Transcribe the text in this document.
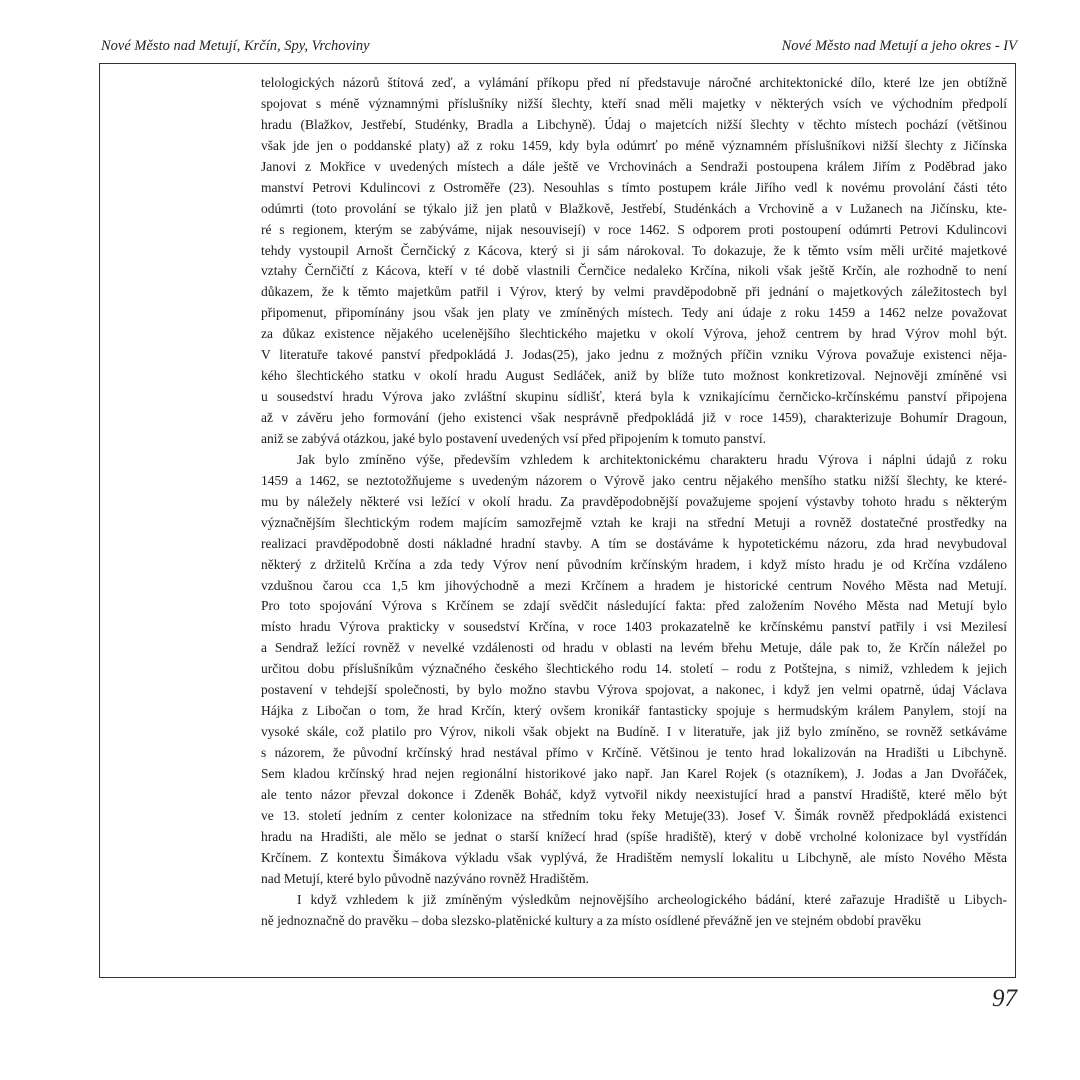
Nové Město nad Metují, Krčín, Spy, Vrchoviny	Nové Město nad Metují a jeho okres - IV
telologických názorů štítová zeď, a vylámání příkopu před ní představuje náročné architektonické dílo, které lze jen obtížně
spojovat s méně významnými příslušníky nižší šlechty, kteří snad měli majetky v některých vsích ve východním předpolí
hradu (Blažkov, Jestřebí, Studénky, Bradla a Libchyně). Údaj o majetcích nižší šlechty v těchto místech pochází (většinou
však jde jen o poddanské platy) až z roku 1459, kdy byla odúmrť po méně významném příslušníkovi nižší šlechty z Jičínska
Janovi z Mokřice v uvedených místech a dále ještě ve Vrchovinách a Sendraži postoupena králem Jiřím z Poděbrad jako
manství Petrovi Kdulincovi z Ostroměře (23). Nesouhlas s tímto postupem krále Jiřího vedl k novému provolání části této
odúmrti (toto provolání se týkalo již jen platů v Blažkově, Jestřebí, Studénkách a Vrchovině a v Lužanech na Jičínsku, kte-
ré s regionem, kterým se zabýváme, nijak nesouvisejí) v roce 1462. S odporem proti postoupení odúmrti Petrovi Kdulincovi
tehdy vystoupil Arnošt Černčický z Kácova, který si ji sám nárokoval. To dokazuje, že k těmto vsím měli určité majetkové
vztahy Černčičtí z Kácova, kteří v té době vlastnili Černčice nedaleko Krčína, nikoli však ještě Krčín, ale rozhodně to není
důkazem, že k těmto majetkům patřil i Výrov, který by velmi pravděpodobně při jednání o majetkových záležitostech byl
připomenut, připomínány jsou však jen platy ve zmíněných místech. Tedy ani údaje z roku 1459 a 1462 nelze považovat
za důkaz existence nějakého ucelenějšího šlechtického majetku v okolí Výrova, jehož centrem by hrad Výrov mohl být.
V literatuře takové panství předpokládá J. Jodas(25), jako jednu z možných příčin vzniku Výrova považuje existenci něja-
kého šlechtického statku v okolí hradu August Sedláček, aniž by blíže tuto možnost konkretizoval. Nejnověji zmíněné vsi
u sousedství hradu Výrova jako zvláštní skupinu sídlišť, která byla k vznikajícímu černčicko-krčínskému panství připojena
až v závěru jeho formování (jeho existenci však nesprávně předpokládá již v roce 1459), charakterizuje Bohumír Dragoun,
aniž se zabývá otázkou, jaké bylo postavení uvedených vsí před připojením k tomuto panství.
Jak bylo zmíněno výše, především vzhledem k architektonickému charakteru hradu Výrova i náplni údajů z roku
1459 a 1462, se neztotožňujeme s uvedeným názorem o Výrově jako centru nějakého menšího statku nižší šlechty, ke které-
mu by náležely některé vsi ležící v okolí hradu. Za pravděpodobnější považujeme spojení výstavby tohoto hradu s některým
význačnějším šlechtickým rodem majícím samozřejmě vztah ke kraji na střední Metuji a rovněž dostatečné prostředky na
realizaci pravděpodobně dosti nákladné hradní stavby. A tím se dostáváme k hypotetickému názoru, zda hrad nevybudoval
některý z držitelů Krčína a zda tedy Výrov není původním krčínským hradem, i když místo hradu je od Krčína vzdáleno
vzdušnou čarou cca 1,5 km jihovýchodně a mezi Krčínem a hradem je historické centrum Nového Města nad Metují.
Pro toto spojování Výrova s Krčínem se zdají svědčit následující fakta: před založením Nového Města nad Metují bylo
místo hradu Výrova prakticky v sousedství Krčína, v roce 1403 prokazatelně ke krčínskému panství patřily i vsi Mezilesí
a Sendraž ležící rovněž v nevelké vzdálenosti od hradu v oblasti na levém břehu Metuje, dále pak to, že Krčín náležel po
určitou dobu příslušníkům význačného českého šlechtického rodu 14. století – rodu z Potštejna, s nimiž, vzhledem k jejich
postavení v tehdejší společnosti, by bylo možno stavbu Výrova spojovat, a nakonec, i když jen velmi opatrně, údaj Václava
Hájka z Libočan o tom, že hrad Krčín, který ovšem kronikář fantasticky spojuje s hermudským králem Panylem, stojí na
vysoké skále, což platilo pro Výrov, nikoli však objekt na Budíně. I v literatuře, jak již bylo zmíněno, se rovněž setkáváme
s názorem, že původní krčínský hrad nestával přímo v Krčíně. Většinou je tento hrad lokalizován na Hradišti u Libchyně.
Sem kladou krčínský hrad nejen regionální historikové jako např. Jan Karel Rojek (s otazníkem), J. Jodas a Jan Dvořáček,
ale tento názor převzal dokonce i Zdeněk Boháč, když vytvořil nikdy neexistující hrad a panství Hradiště, které mělo být
ve 13. století jedním z center kolonizace na středním toku řeky Metuje(33). Josef V. Šimák rovněž předpokládá existenci
hradu na Hradišti, ale mělo se jednat o starší knížecí hrad (spíše hradiště), který v době vrcholné kolonizace byl vystřídán
Krčínem. Z kontextu Šimákova výkladu však vyplývá, že Hradištěm nemyslí lokalitu u Libchyně, ale místo Nového Města
nad Metují, které bylo původně nazýváno rovněž Hradištěm.
I když vzhledem k již zmíněným výsledkům nejnovějšího archeologického bádání, které zařazuje Hradiště u Libych-
ně jednoznačně do pravěku – doba slezsko-platěnické kultury a za místo osídlené převážně jen ve stejném období pravěku
97
